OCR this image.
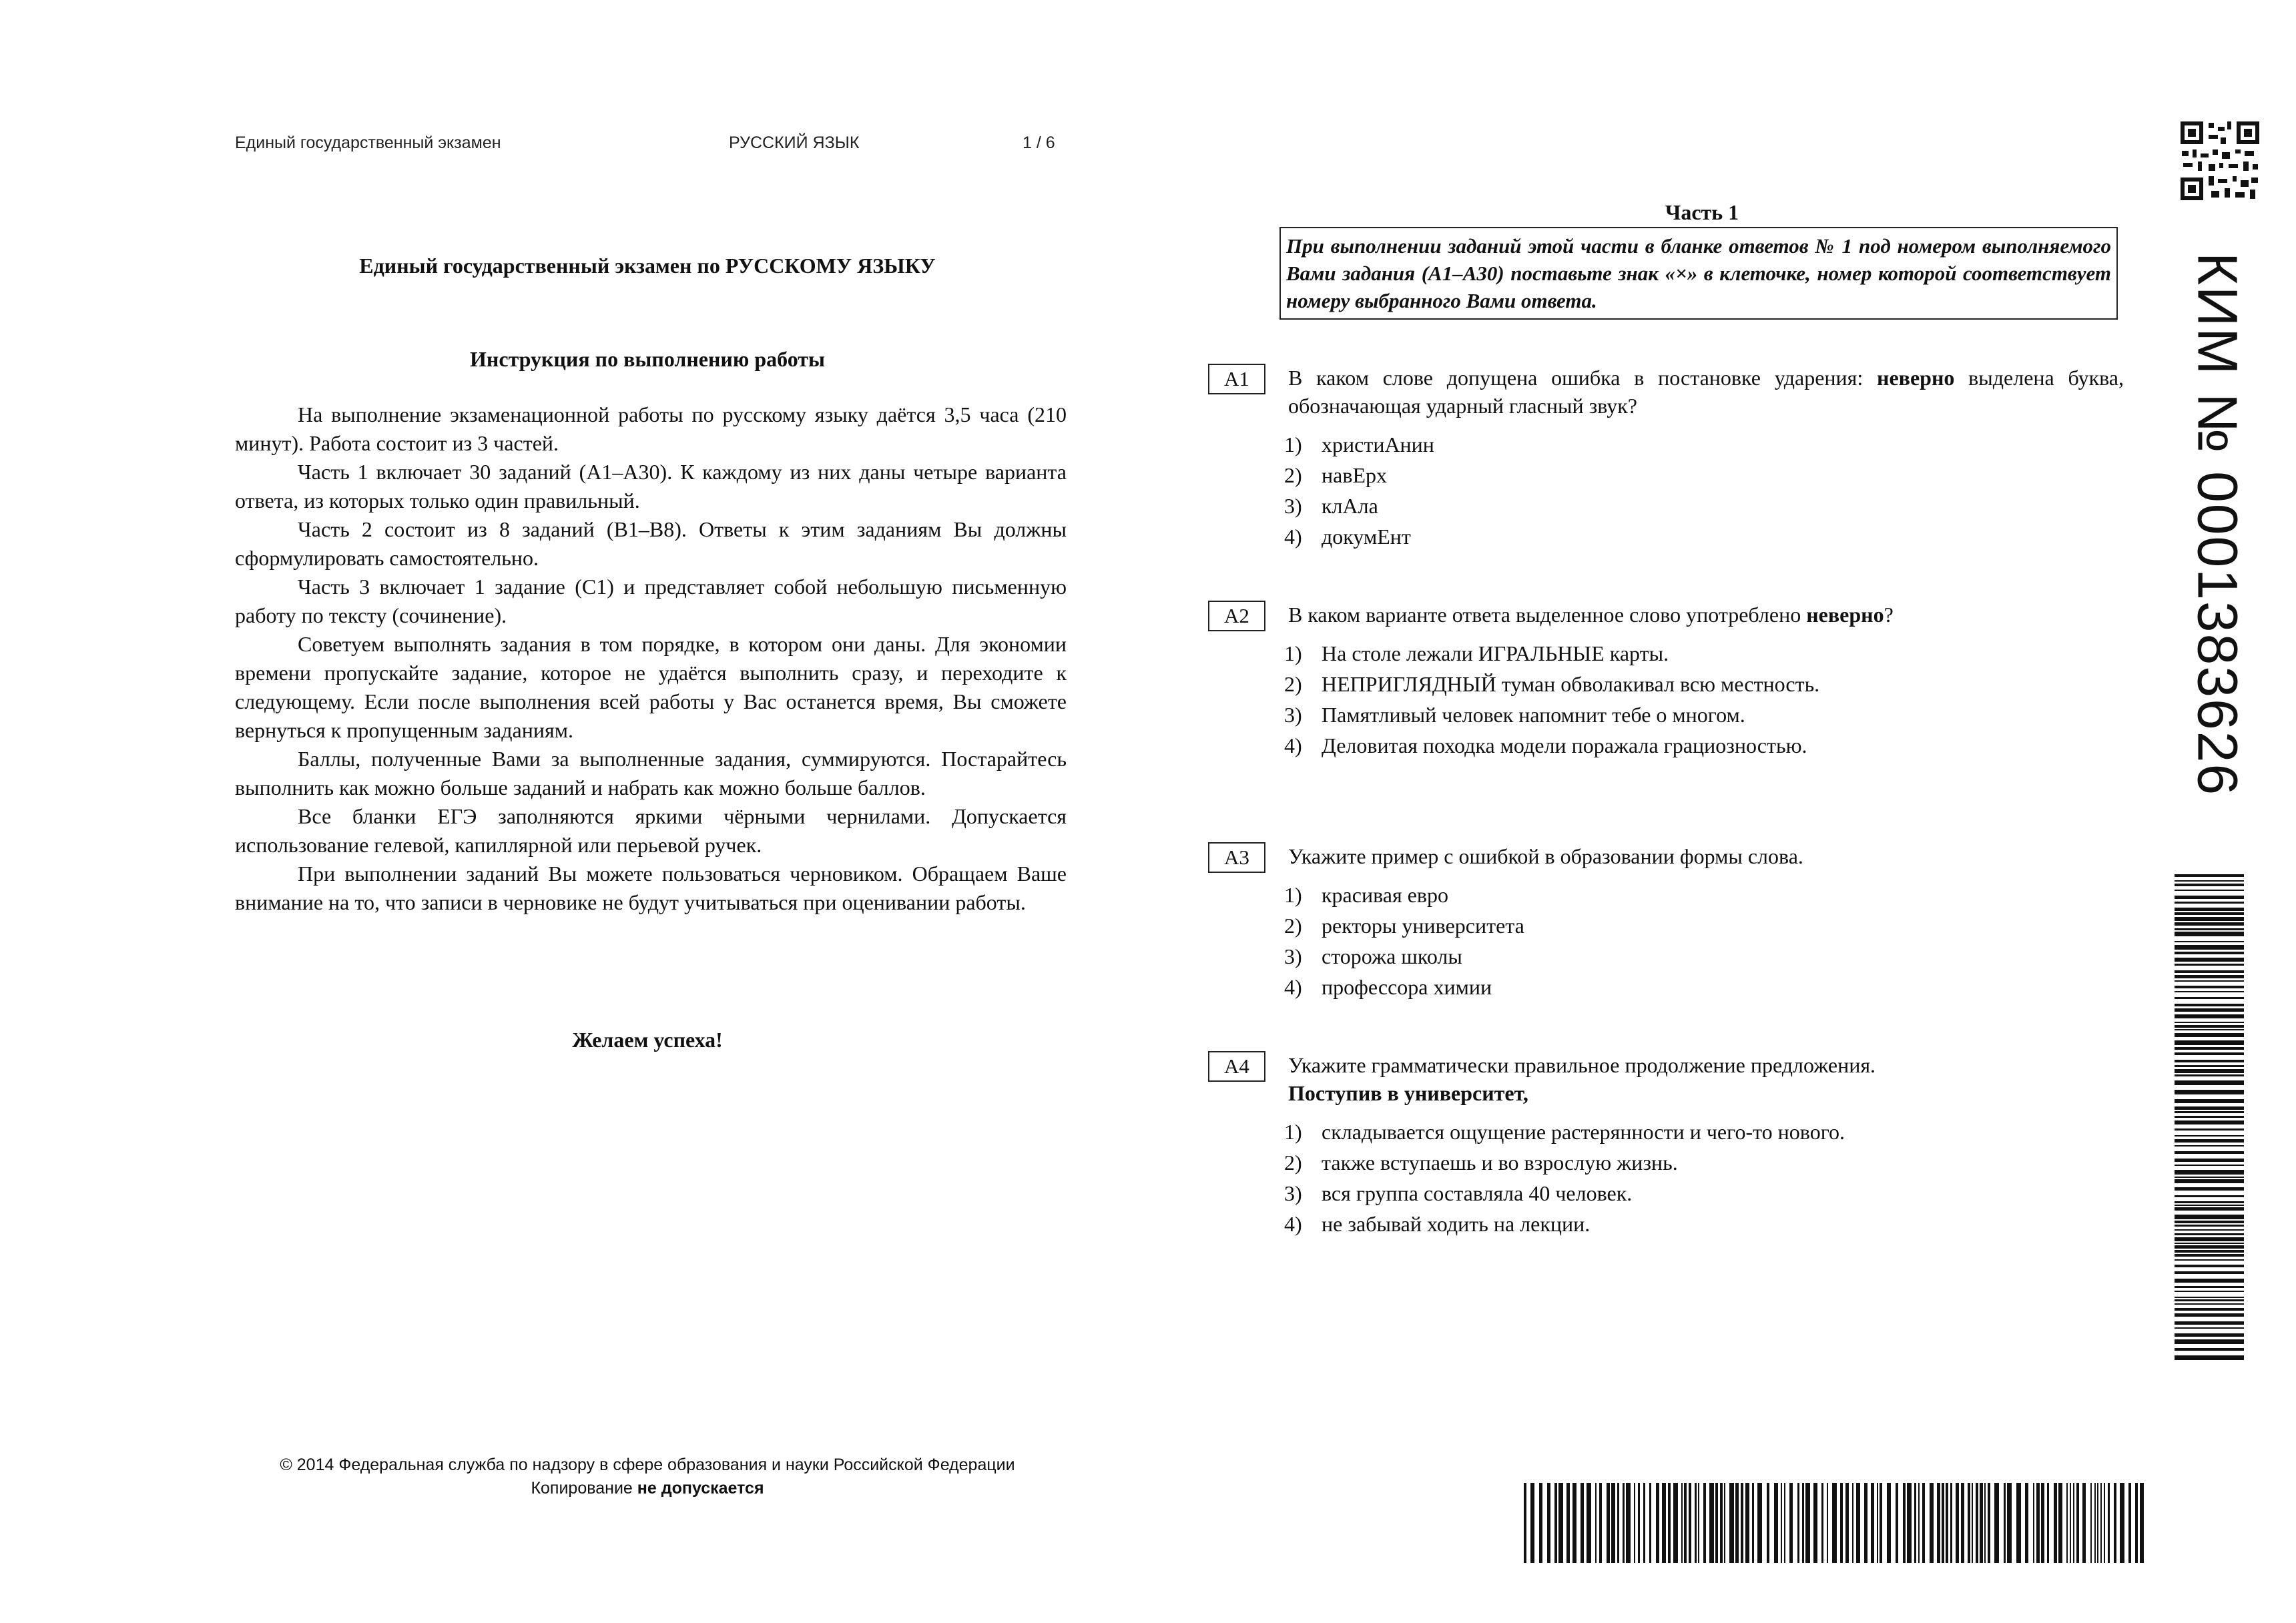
Единый государственный экзамен	РУССКИЙ ЯЗЫК	1 / 6
Единый государственный экзамен по РУССКОМУ ЯЗЫКУ
Инструкция по выполнению работы

На выполнение экзаменационной работы по русскому языку даётся 3,5 часа (210 минут). Работа состоит из 3 частей.

Часть 1 включает 30 заданий (А1–А30). К каждому из них даны четыре варианта ответа, из которых только один правильный.

Часть 2 состоит из 8 заданий (В1–В8). Ответы к этим заданиям Вы должны сформулировать самостоятельно.

Часть 3 включает 1 задание (С1) и представляет собой небольшую письменную работу по тексту (сочинение).

Советуем выполнять задания в том порядке, в котором они даны. Для экономии времени пропускайте задание, которое не удаётся выполнить сразу, и переходите к следующему. Если после выполнения всей работы у Вас останется время, Вы сможете вернуться к пропущенным заданиям.

Баллы, полученные Вами за выполненные задания, суммируются. Постарайтесь выполнить как можно больше заданий и набрать как можно больше баллов.

Все бланки ЕГЭ заполняются яркими чёрными чернилами. Допускается использование гелевой, капиллярной или перьевой ручек.

При выполнении заданий Вы можете пользоваться черновиком. Обращаем Ваше внимание на то, что записи в черновике не будут учитываться при оценивании работы.

Желаем успеха!
© 2014 Федеральная служба по надзору в сфере образования и науки Российской Федерации
Копирование не допускается
Часть 1
При выполнении заданий этой части в бланке ответов № 1 под номером выполняемого Вами задания (А1–А30) поставьте знак «×» в клеточке, номер которой соответствует номеру выбранного Вами ответа.
А1	В каком слове допущена ошибка в постановке ударения: неверно выделена буква, обозначающая ударный гласный звук?
1) христиАнин
2) навЕрх
3) клАла
4) докумЕнт
А2	В каком варианте ответа выделенное слово употреблено неверно?
1) На столе лежали ИГРАЛЬНЫЕ карты.
2) НЕПРИГЛЯДНЫЙ туман обволакивал всю местность.
3) Памятливый человек напомнит тебе о многом.
4) Деловитая походка модели поражала грациозностью.
А3	Укажите пример с ошибкой в образовании формы слова.
1) красивая евро
2) ректоры университета
3) сторожа школы
4) профессора химии
А4	Укажите грамматически правильное продолжение предложения.
Поступив в университет,
1) складывается ощущение растерянности и чего-то нового.
2) также вступаешь и во взрослую жизнь.
3) вся группа составляла 40 человек.
4) не забывай ходить на лекции.
КИМ № 0001383626
